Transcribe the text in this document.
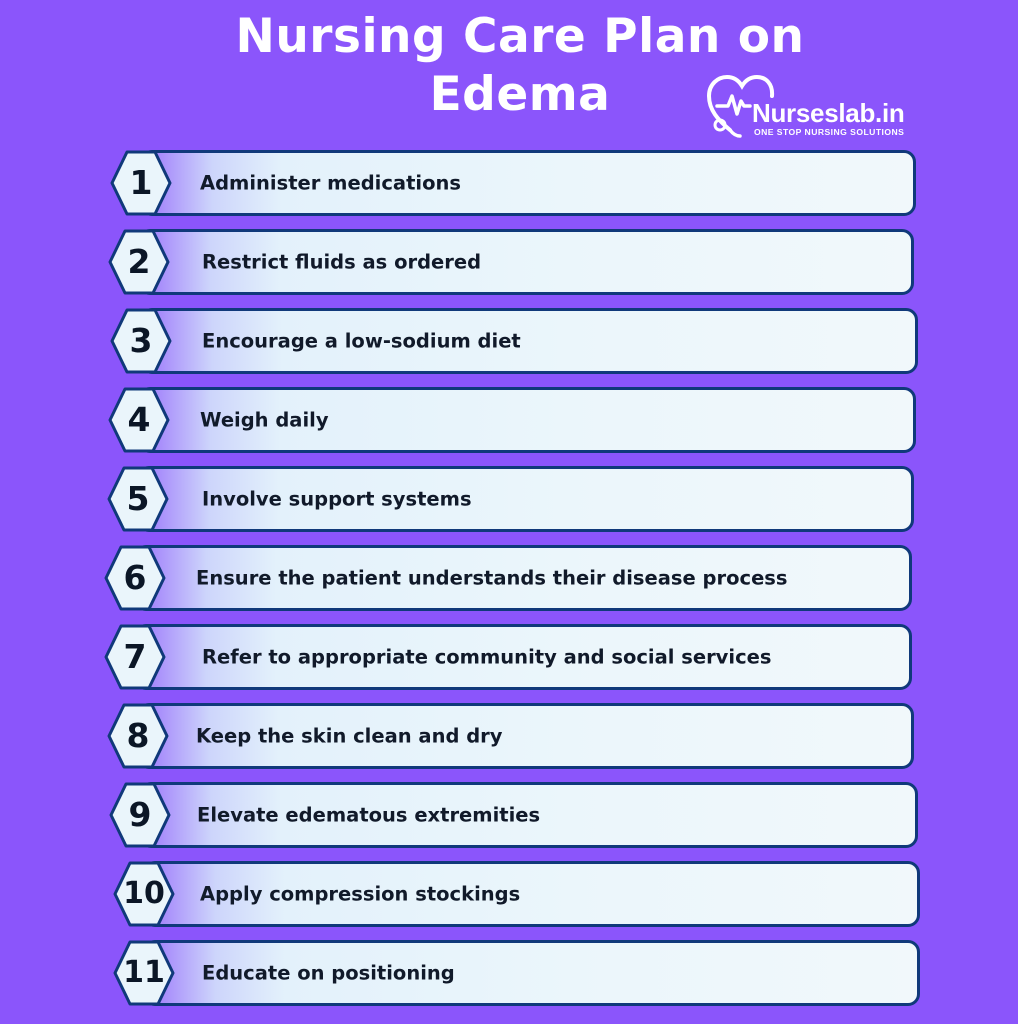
Nursing Care Plan on
Edema	Nurseslab.in
ONE STOP NURSING SOLUTIONS
Administer medications
1
Restrict fluids as ordered
2
Encourage a low-sodium diet
3
Weigh daily
4
Involve support systems
5
Ensure the patient understands their disease process
6
Refer to appropriate community and social services
7
Keep the skin clean and dry
8
Elevate edematous extremities
9
Apply compression stockings
10
Educate on positioning
11
